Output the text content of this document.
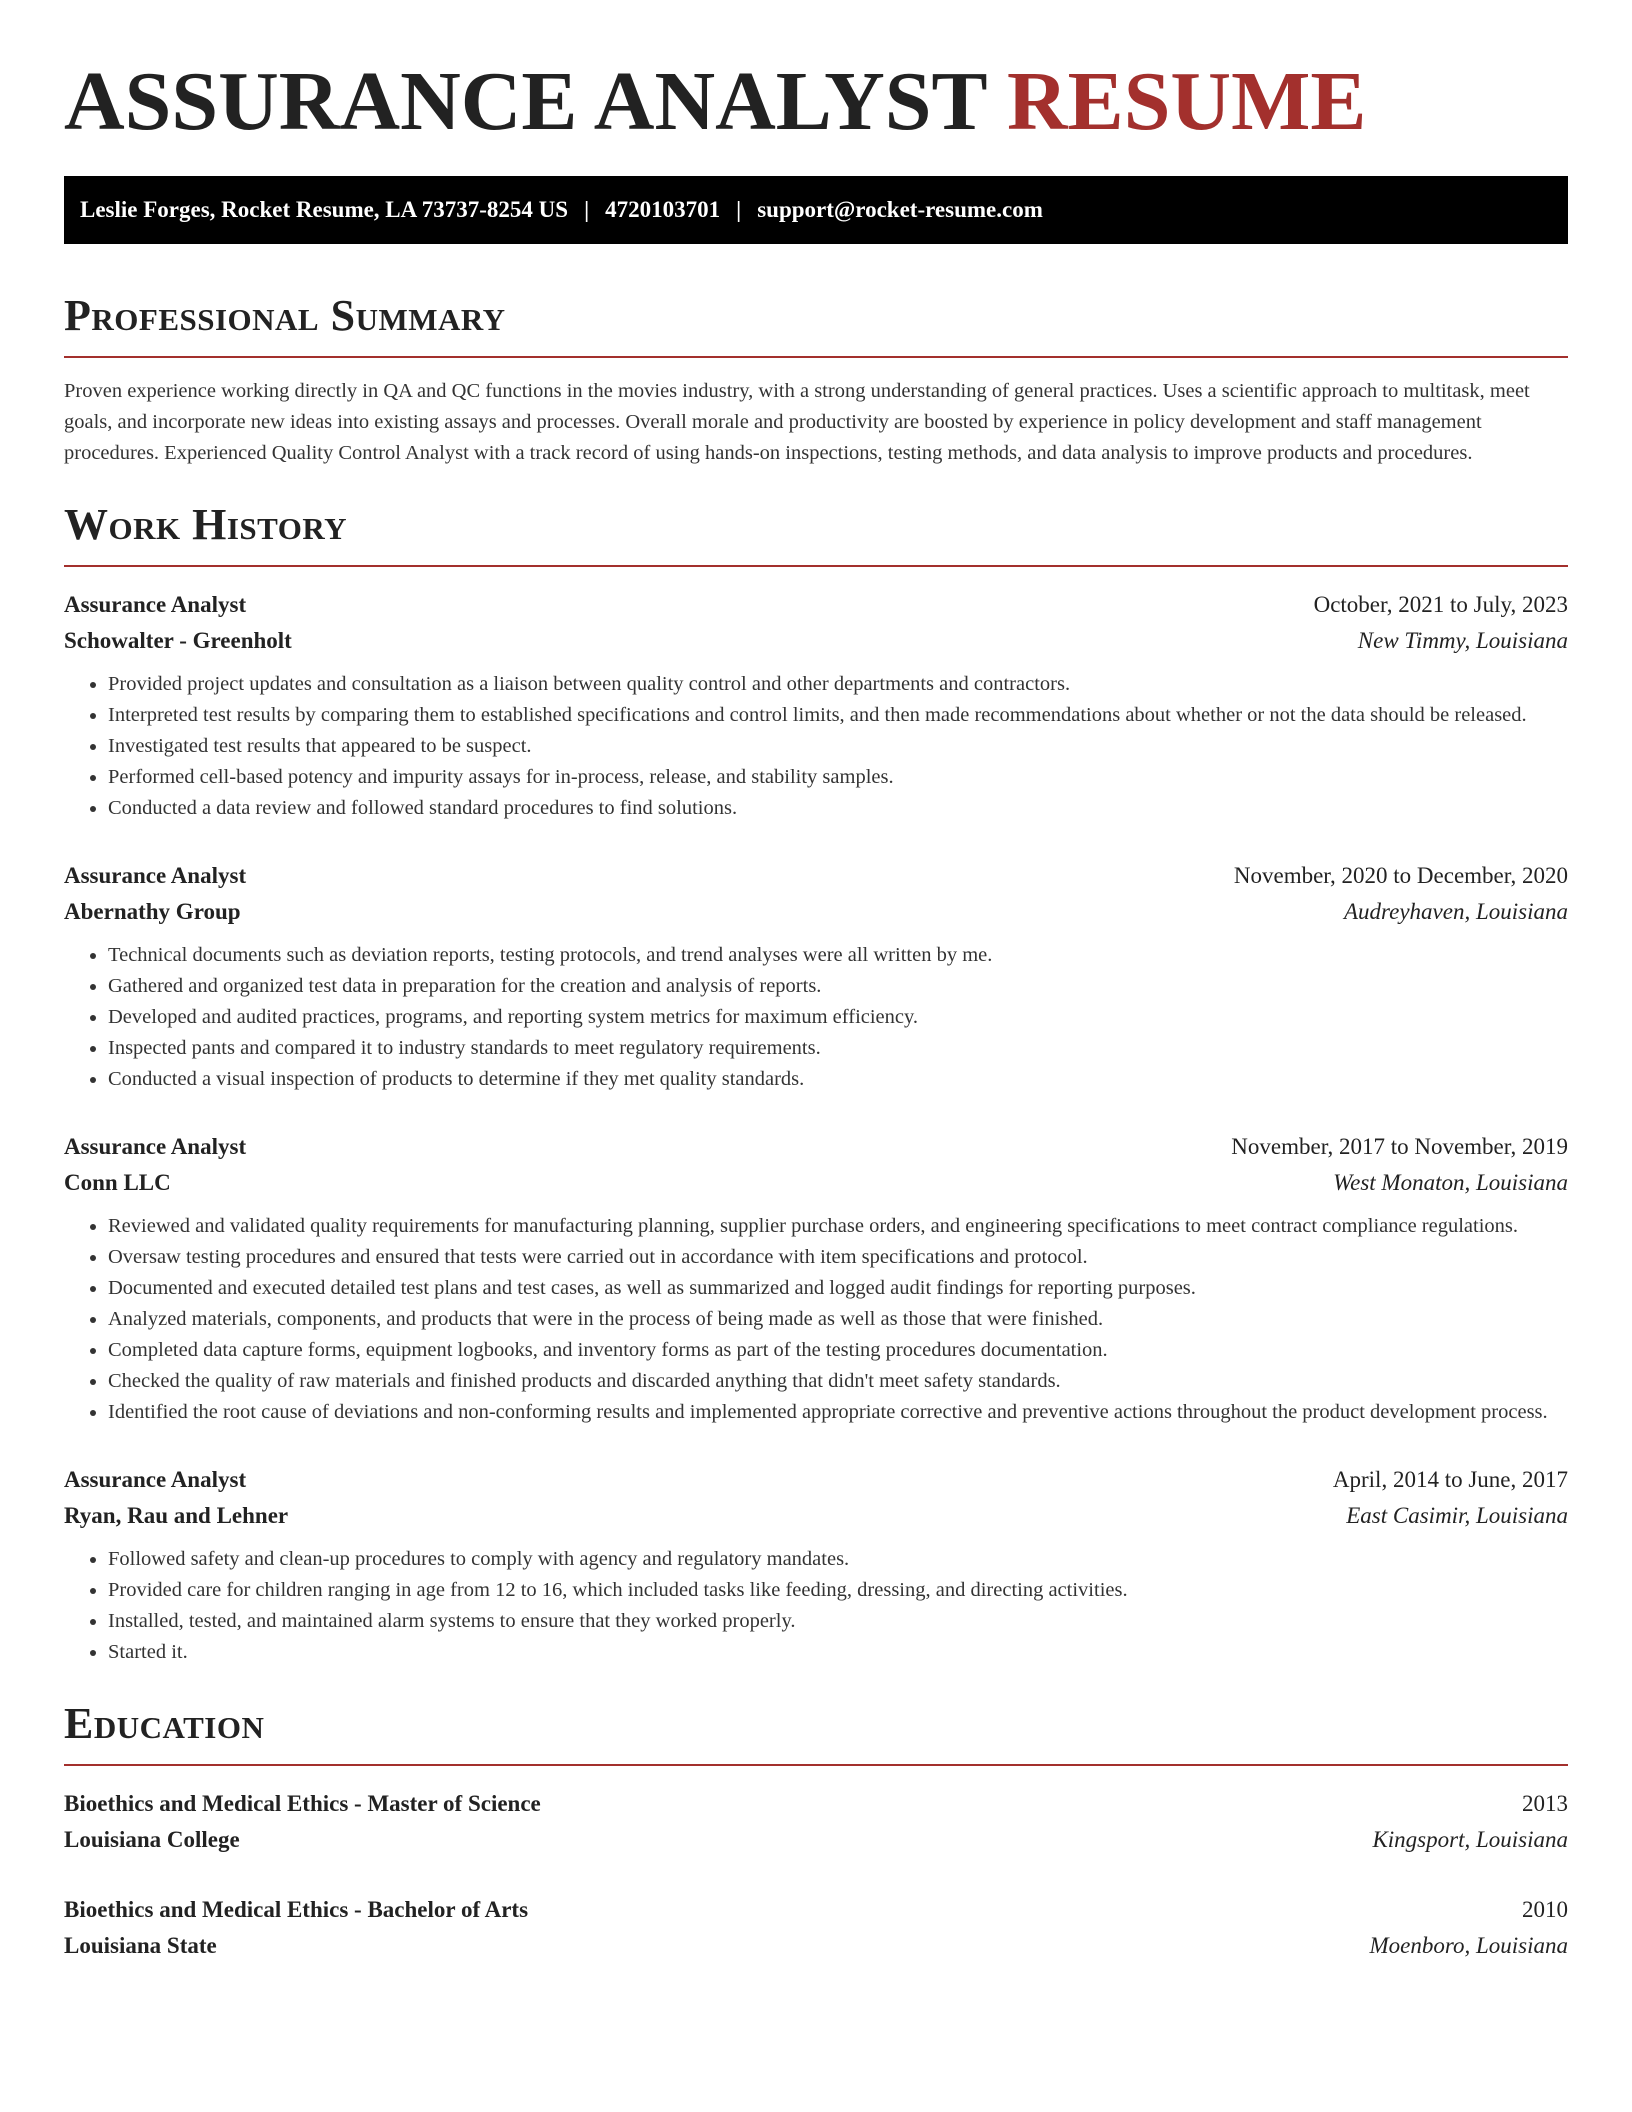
ASSURANCE ANALYST RESUME
Leslie Forges, Rocket Resume, LA 73737-8254 US | 4720103701 | support@rocket-resume.com
Professional Summary

Proven experience working directly in QA and QC functions in the movies industry, with a strong understanding of general practices. Uses a scientific approach to multitask, meet goals, and incorporate new ideas into existing assays and processes. Overall morale and productivity are boosted by experience in policy development and staff management procedures. Experienced Quality Control Analyst with a track record of using hands-on inspections, testing methods, and data analysis to improve products and procedures.

Work History
Assurance Analyst	October, 2021 to July, 2023
Schowalter - Greenholt	New Timmy, Louisiana
• Provided project updates and consultation as a liaison between quality control and other departments and contractors.
• Interpreted test results by comparing them to established specifications and control limits, and then made recommendations about whether or not the data should be released.
• Investigated test results that appeared to be suspect.
• Performed cell-based potency and impurity assays for in-process, release, and stability samples.
• Conducted a data review and followed standard procedures to find solutions.
Assurance Analyst	November, 2020 to December, 2020
Abernathy Group	Audreyhaven, Louisiana
• Technical documents such as deviation reports, testing protocols, and trend analyses were all written by me.
• Gathered and organized test data in preparation for the creation and analysis of reports.
• Developed and audited practices, programs, and reporting system metrics for maximum efficiency.
• Inspected pants and compared it to industry standards to meet regulatory requirements.
• Conducted a visual inspection of products to determine if they met quality standards.
Assurance Analyst	November, 2017 to November, 2019
Conn LLC	West Monaton, Louisiana
• Reviewed and validated quality requirements for manufacturing planning, supplier purchase orders, and engineering specifications to meet contract compliance regulations.
• Oversaw testing procedures and ensured that tests were carried out in accordance with item specifications and protocol.
• Documented and executed detailed test plans and test cases, as well as summarized and logged audit findings for reporting purposes.
• Analyzed materials, components, and products that were in the process of being made as well as those that were finished.
• Completed data capture forms, equipment logbooks, and inventory forms as part of the testing procedures documentation.
• Checked the quality of raw materials and finished products and discarded anything that didn't meet safety standards.
• Identified the root cause of deviations and non-conforming results and implemented appropriate corrective and preventive actions throughout the product development process.
Assurance Analyst	April, 2014 to June, 2017
Ryan, Rau and Lehner	East Casimir, Louisiana
• Followed safety and clean-up procedures to comply with agency and regulatory mandates.
• Provided care for children ranging in age from 12 to 16, which included tasks like feeding, dressing, and directing activities.
• Installed, tested, and maintained alarm systems to ensure that they worked properly.
• Started it.
Education
Bioethics and Medical Ethics - Master of Science	2013
Louisiana College	Kingsport, Louisiana
Bioethics and Medical Ethics - Bachelor of Arts	2010
Louisiana State	Moenboro, Louisiana
